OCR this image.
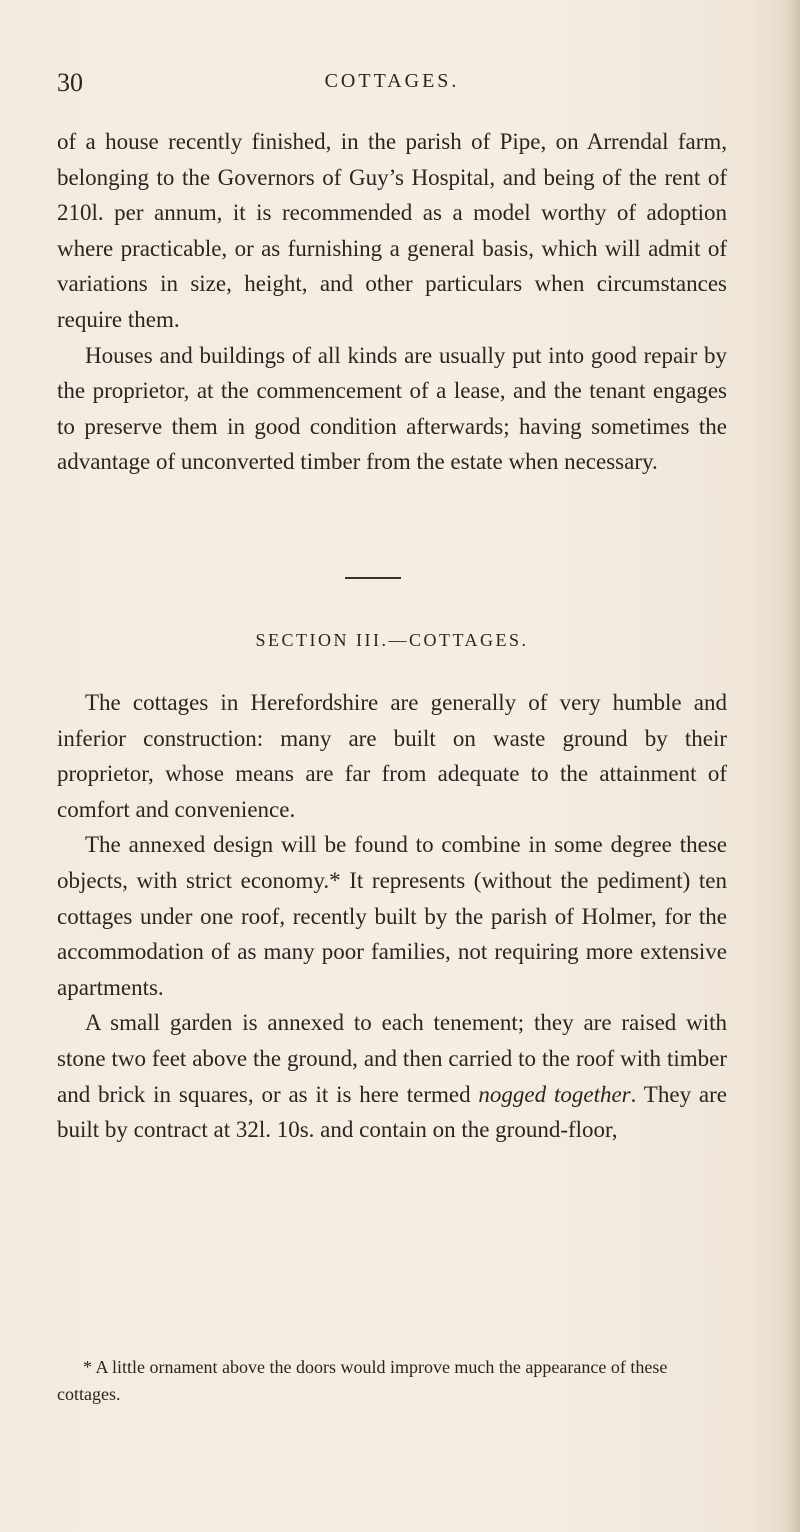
30	COTTAGES.

of a house recently finished, in the parish of Pipe, on Arrendal farm, belonging to the Governors of Guy’s Hospital, and being of the rent of 210l. per annum, it is recommended as a model worthy of adoption where practicable, or as furnishing a general basis, which will admit of variations in size, height, and other particulars when circumstances require them.

Houses and buildings of all kinds are usually put into good repair by the proprietor, at the commencement of a lease, and the tenant engages to preserve them in good condition afterwards; having sometimes the advantage of unconverted timber from the estate when necessary.

SECTION III.—COTTAGES.

The cottages in Herefordshire are generally of very humble and inferior construction: many are built on waste ground by their proprietor, whose means are far from adequate to the attainment of comfort and convenience.

The annexed design will be found to combine in some degree these objects, with strict economy.* It represents (without the pediment) ten cottages under one roof, recently built by the parish of Holmer, for the accommodation of as many poor families, not requiring more extensive apartments.

A small garden is annexed to each tenement; they are raised with stone two feet above the ground, and then carried to the roof with timber and brick in squares, or as it is here termed nogged together. They are built by contract at 32l. 10s. and contain on the ground-floor,

* A little ornament above the doors would improve much the appearance of these cottages.
